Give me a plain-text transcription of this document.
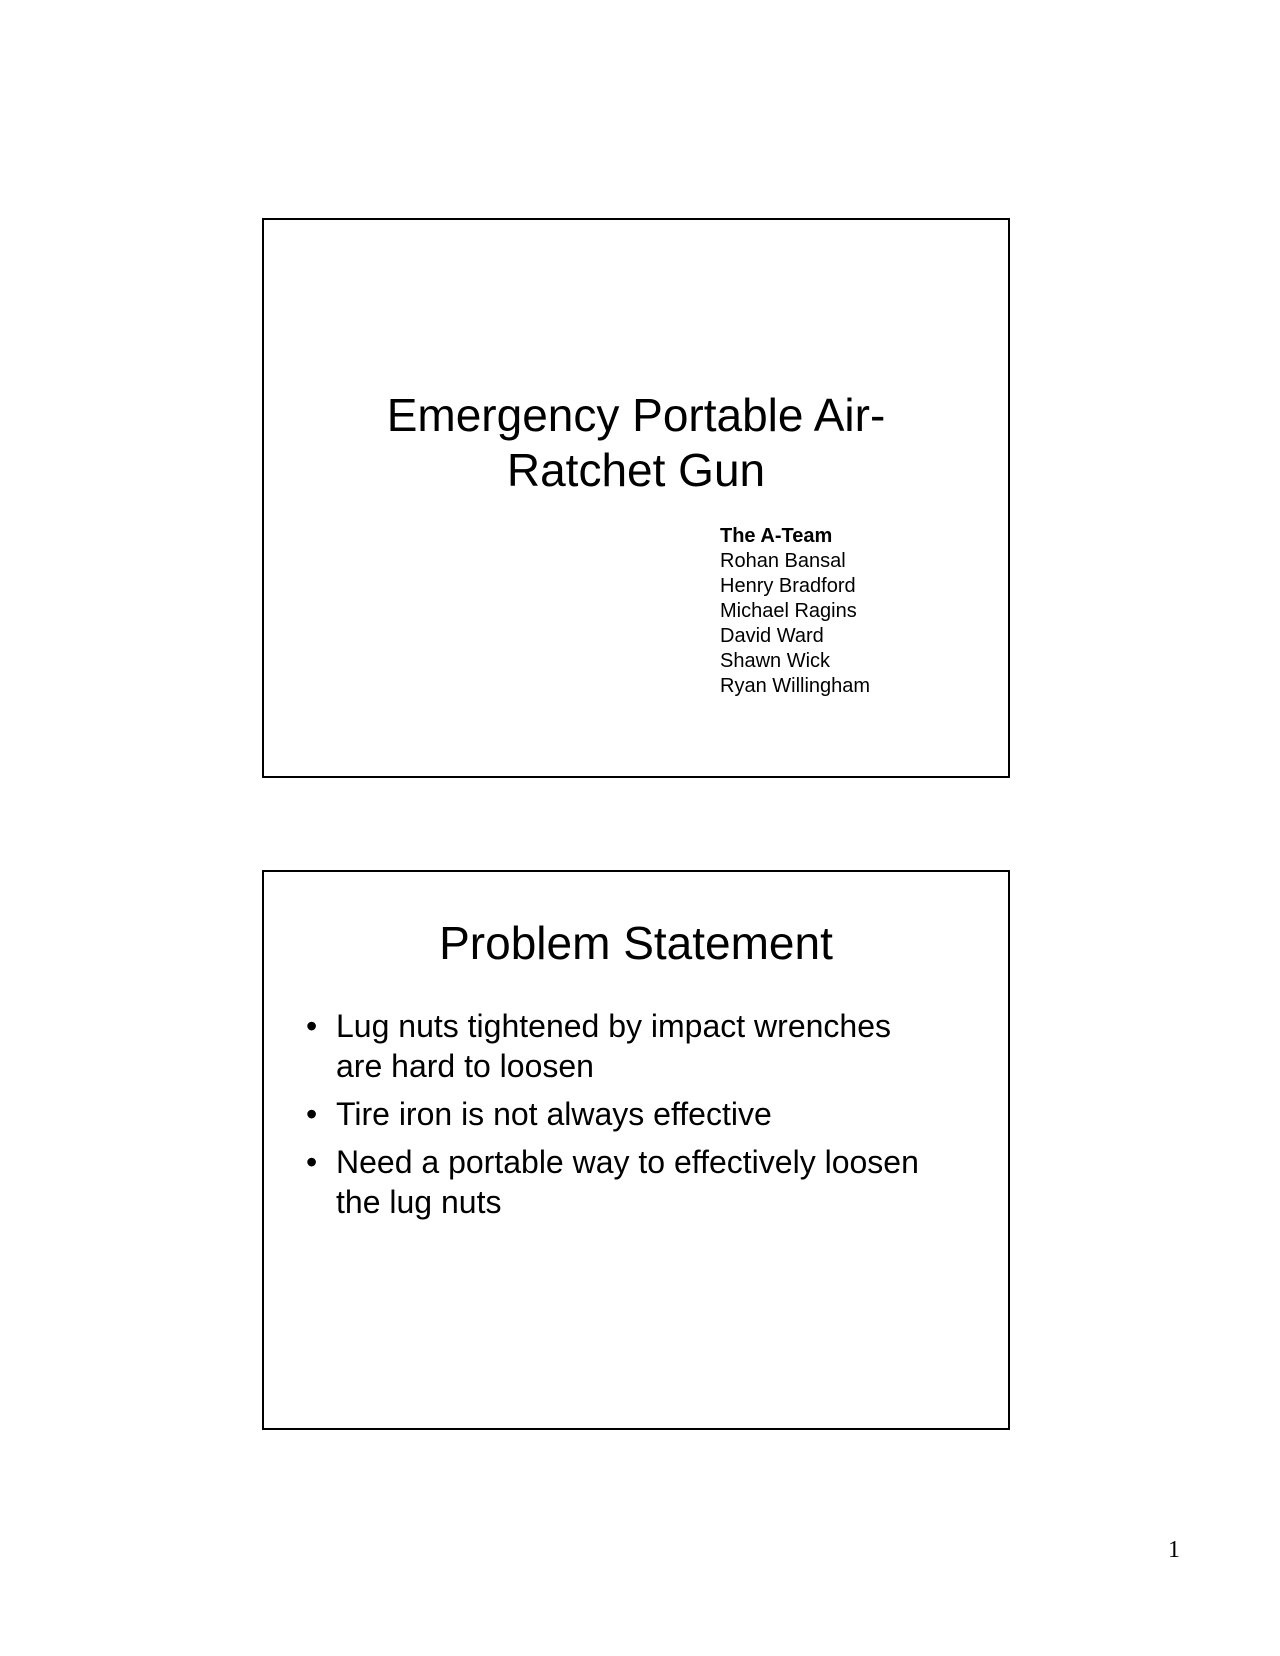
Emergency Portable Air-
Ratchet Gun
The A-Team
Rohan Bansal
Henry Bradford
Michael Ragins
David Ward
Shawn Wick
Ryan Willingham
Problem Statement
• Lug nuts tightened by impact wrenches are hard to loosen
• Tire iron is not always effective
• Need a portable way to effectively loosen the lug nuts
1
